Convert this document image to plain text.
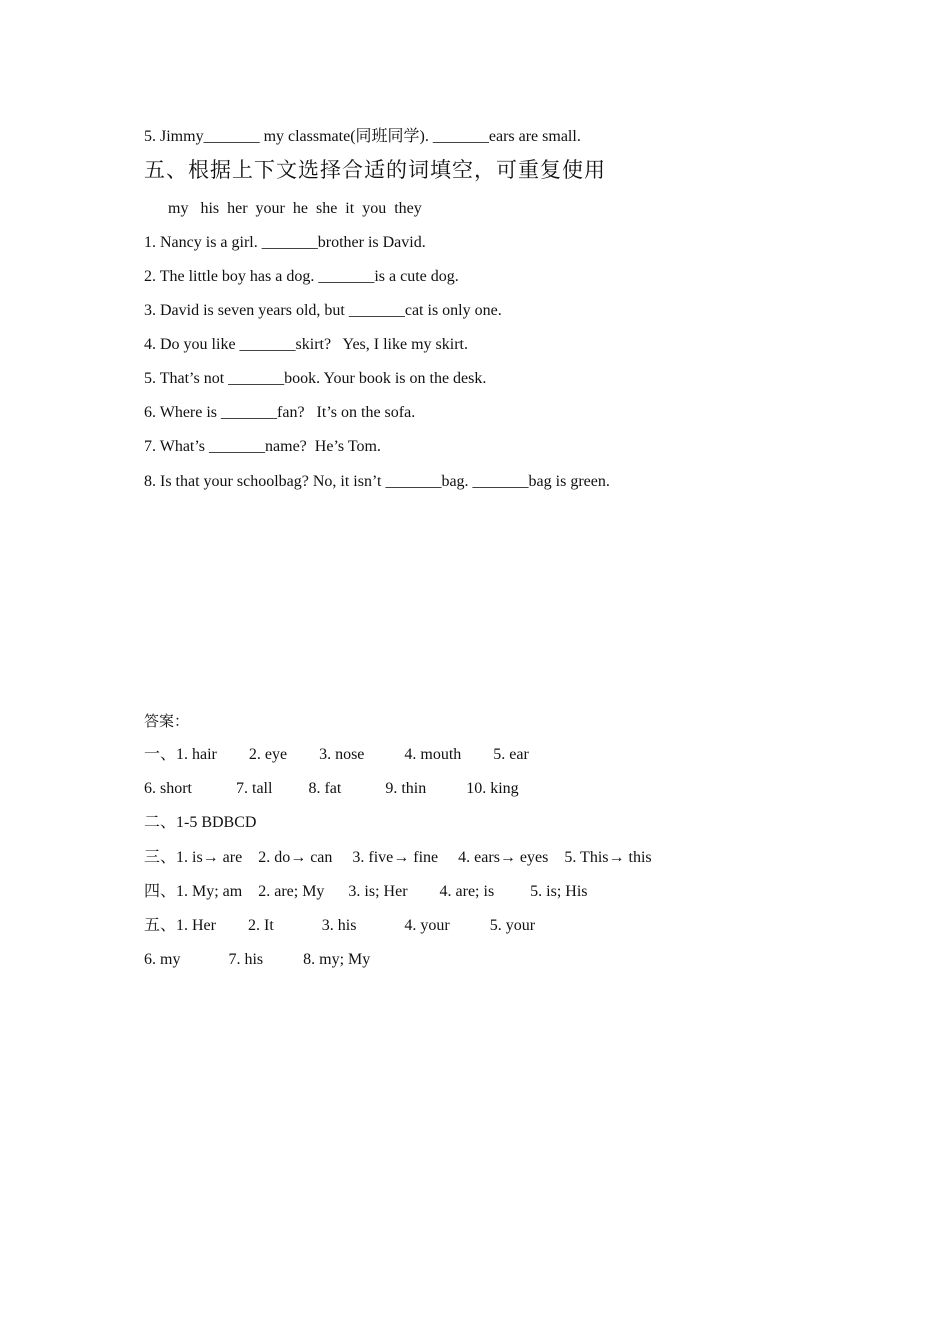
5. Jimmy_______ my classmate(同班同学). _______ears are small.
五、根据上下文选择合适的词填空，可重复使用
my   his  her  your  he  she  it  you  they
1. Nancy is a girl. _______brother is David.
2. The little boy has a dog. _______is a cute dog.
3. David is seven years old, but _______cat is only one.
4. Do you like _______skirt?   Yes, I like my skirt.
5. That’s not _______book. Your book is on the desk.
6. Where is _______fan?   It’s on the sofa.
7. What’s _______name?  He’s Tom.
8. Is that your schoolbag? No, it isn’t _______bag. _______bag is green.
答案：
一、1. hair        2. eye        3. nose          4. mouth        5. ear
6. short           7. tall         8. fat           9. thin          10. king
二、1-5 BDBCD
三、1. is→ are    2. do→ can     3. five→ fine     4. ears→ eyes    5. This→ this
四、1. My; am    2. are; My      3. is; Her        4. are; is         5. is; His
五、1. Her        2. It            3. his            4. your          5. your
6. my            7. his          8. my; My
